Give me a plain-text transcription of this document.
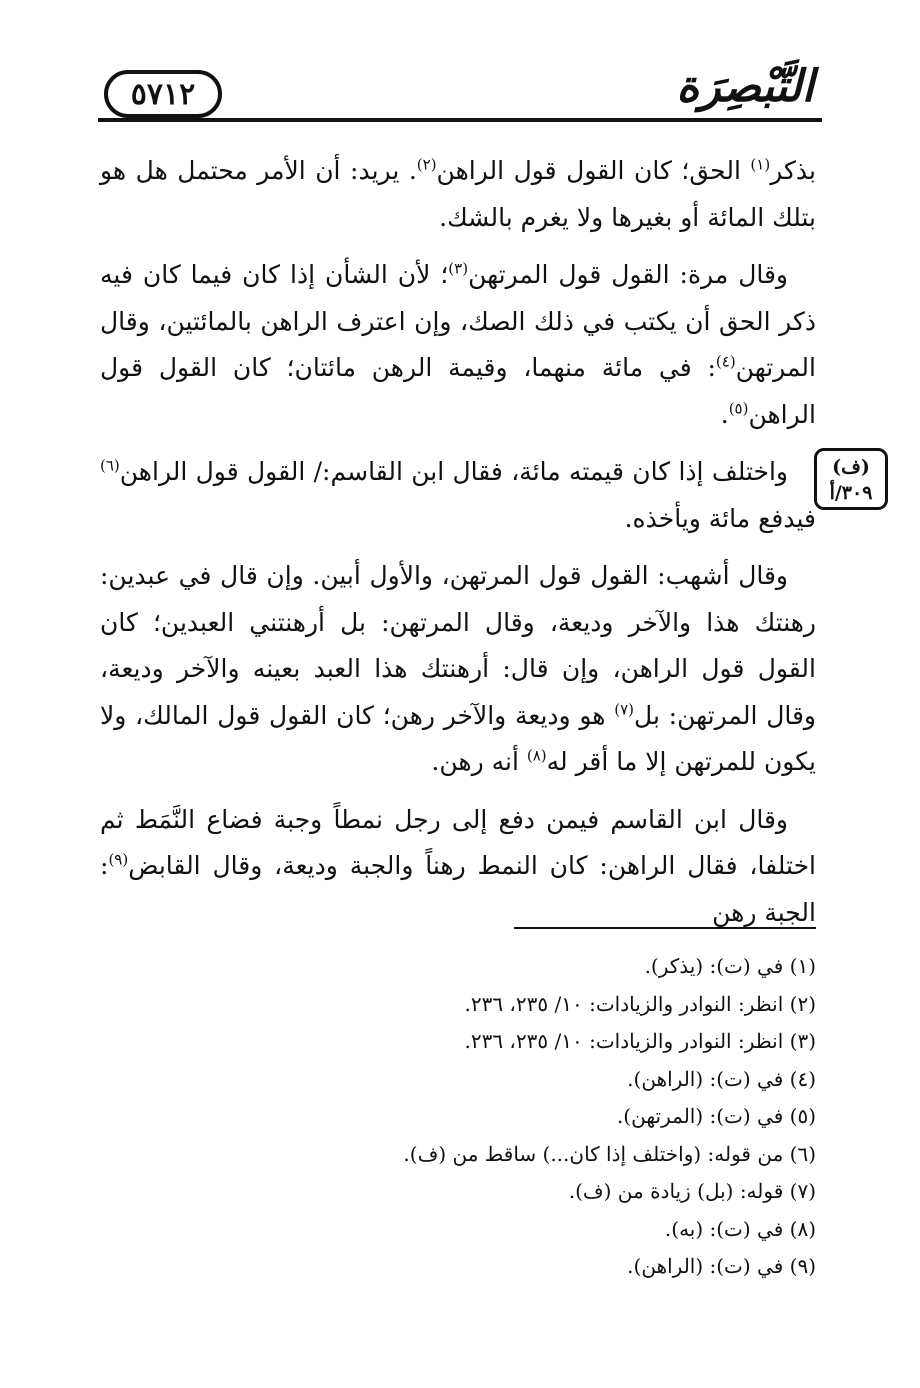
٥٧١٢	التَّبْصِرَة
(ف)
٣٠٩/أ

بذكر$^{(١)}$ الحق؛ كان القول قول الراهن$^{(٢)}$. يريد: أن الأمر محتمل هل هو بتلك المائة أو بغيرها ولا يغرم بالشك.

وقال مرة: القول قول المرتهن$^{(٣)}$؛ لأن الشأن إذا كان فيما كان فيه ذكر الحق أن يكتب في ذلك الصك، وإن اعترف الراهن بالمائتين، وقال المرتهن$^{(٤)}$: في مائة منهما، وقيمة الرهن مائتان؛ كان القول قول الراهن$^{(٥)}$.

واختلف إذا كان قيمته مائة، فقال ابن القاسم:/ القول قول الراهن$^{(٦)}$ فيدفع مائة ويأخذه.

وقال أشهب: القول قول المرتهن، والأول أبين. وإن قال في عبدين: رهنتك هذا والآخر وديعة، وقال المرتهن: بل أرهنتني العبدين؛ كان القول قول الراهن، وإن قال: أرهنتك هذا العبد بعينه والآخر وديعة، وقال المرتهن: بل$^{(٧)}$ هو وديعة والآخر رهن؛ كان القول قول المالك، ولا يكون للمرتهن إلا ما أقر له$^{(٨)}$ أنه رهن.

وقال ابن القاسم فيمن دفع إلى رجل نمطاً وجبة فضاع النَّمَط ثم اختلفا، فقال الراهن: كان النمط رهناً والجبة وديعة، وقال القابض$^{(٩)}$: الجبة رهن

(١) في (ت): (يذكر).
(٢) انظر: النوادر والزيادات: ١٠/ ٢٣٥، ٢٣٦.
(٣) انظر: النوادر والزيادات: ١٠/ ٢٣٥، ٢٣٦.
(٤) في (ت): (الراهن).
(٥) في (ت): (المرتهن).
(٦) من قوله: (واختلف إذا كان...) ساقط من (ف).
(٧) قوله: (بل) زيادة من (ف).
(٨) في (ت): (به).
(٩) في (ت): (الراهن).
